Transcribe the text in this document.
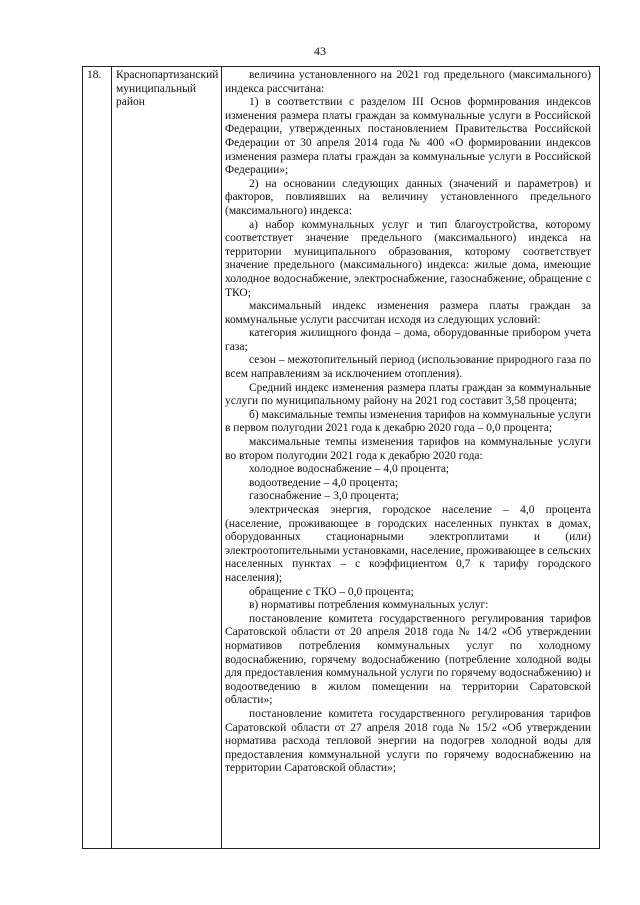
43
18. Краснопартизанский муниципальный район

величина установленного на 2021 год предельного (максимального) индекса рассчитана:

1) в соответствии с разделом III Основ формирования индексов изменения размера платы граждан за коммунальные услуги в Российской Федерации, утвержденных постановлением Правительства Российской Федерации от 30 апреля 2014 года № 400 «О формировании индексов изменения размера платы граждан за коммунальные услуги в Российской Федерации»;

2) на основании следующих данных (значений и параметров) и факторов, повлиявших на величину установленного предельного (максимального) индекса:

а) набор коммунальных услуг и тип благоустройства, которому соответствует значение предельного (максимального) индекса на территории муниципального образования, которому соответствует значение предельного (максимального) индекса: жилые дома, имеющие холодное водоснабжение, электроснабжение, газоснабжение, обращение с ТКО;

максимальный индекс изменения размера платы граждан за коммунальные услуги рассчитан исходя из следующих условий:

категория жилищного фонда – дома, оборудованные прибором учета газа;

сезон – межотопительный период (использование природного газа по всем направлениям за исключением отопления).

Средний индекс изменения размера платы граждан за коммунальные услуги по муниципальному району на 2021 год составит 3,58 процента;

б) максимальные темпы изменения тарифов на коммунальные услуги в первом полугодии 2021 года к декабрю 2020 года – 0,0 процента;

максимальные темпы изменения тарифов на коммунальные услуги во втором полугодии 2021 года к декабрю 2020 года:

холодное водоснабжение – 4,0 процента;

водоотведение – 4,0 процента;

газоснабжение – 3,0 процента;

электрическая энергия, городское население – 4,0 процента (население, проживающее в городских населенных пунктах в домах, оборудованных стационарными электроплитами и (или) электроотопительными установками, население, проживающее в сельских населенных пунктах – с коэффициентом 0,7 к тарифу городского населения);

обращение с ТКО – 0,0 процента;

в) нормативы потребления коммунальных услуг:

постановление комитета государственного регулирования тарифов Саратовской области от 20 апреля 2018 года № 14/2 «Об утверждении нормативов потребления коммунальных услуг по холодному водоснабжению, горячему водоснабжению (потребление холодной воды для предоставления коммунальной услуги по горячему водоснабжению) и водоотведению в жилом помещении на территории Саратовской области»;

постановление комитета государственного регулирования тарифов Саратовской области от 27 апреля 2018 года № 15/2 «Об утверждении норматива расхода тепловой энергии на подогрев холодной воды для предоставления коммунальной услуги по горячему водоснабжению на территории Саратовской области»;
